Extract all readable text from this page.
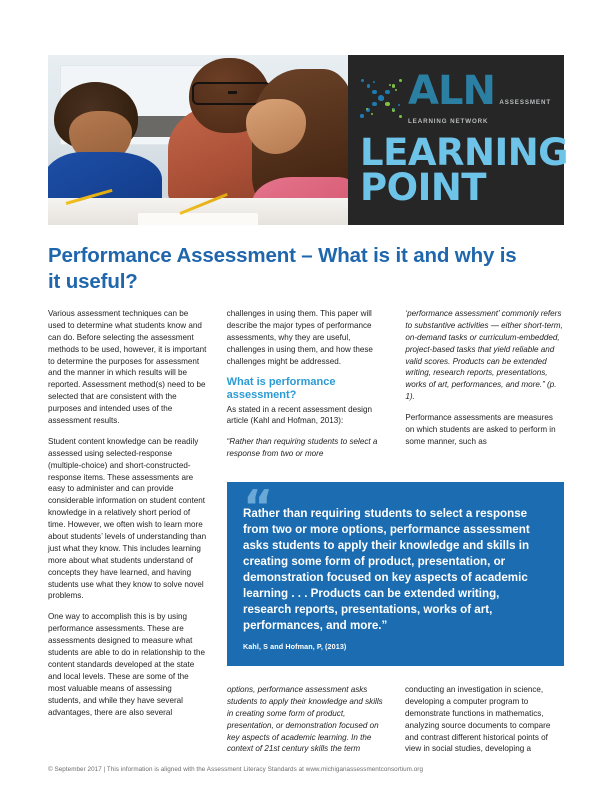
ALN ASSESSMENT LEARNING NETWORK
LEARNING
POINT
Performance Assessment – What is it and why is it useful?

Various assessment techniques can be used to determine what students know and can do. Before selecting the assessment methods to be used, however, it is important to determine the purposes for assessment and the manner in which results will be reported. Assessment method(s) need to be selected that are consistent with the purposes and intended uses of the assessment results.

Student content knowledge can be readily assessed using selected-response (multiple-choice) and short-constructed-response items. These assessments are easy to administer and can provide considerable information on student content knowledge in a relatively short period of time. However, we often wish to learn more about students’ levels of understanding than just what they know. This includes learning more about what students understand of concepts they have learned, and having students use what they know to solve novel problems.

One way to accomplish this is by using performance assessments. These are assessments designed to measure what students are able to do in relationship to the content standards developed at the state and local levels. These are some of the most valuable means of assessing students, and while they have several advantages, there are also several

challenges in using them. This paper will describe the major types of performance assessments, why they are useful, challenges in using them, and how these challenges might be addressed.

What is performance assessment?

As stated in a recent assessment design article (Kahl and Hofman, 2013):

“Rather than requiring students to select a response from two or more

‘performance assessment’ commonly refers to substantive activities — either short-term, on-demand tasks or curriculum-embedded, project-based tasks that yield reliable and valid scores. Products can be extended writing, research reports, presentations, works of art, performances, and more.” (p. 1).

Performance assessments are measures on which students are asked to perform in some manner, such as

“
Rather than requiring students to select a response from two or more options, performance assessment asks students to apply their knowledge and skills in creating some form of product, presentation, or demonstration focused on key aspects of academic learning . . . Products can be extended writing, research reports, presentations, works of art, performances, and more.”
Kahl, S and Hofman, P, (2013)

options, performance assessment asks students to apply their knowledge and skills in creating some form of product, presentation, or demonstration focused on key aspects of academic learning. In the context of 21st century skills the term

conducting an investigation in science, developing a computer program to demonstrate functions in mathematics, analyzing source documents to compare and contrast different historical points of view in social studies, developing a

© September 2017 | This information is aligned with the Assessment Literacy Standards at www.michiganassessmentconsortium.org
